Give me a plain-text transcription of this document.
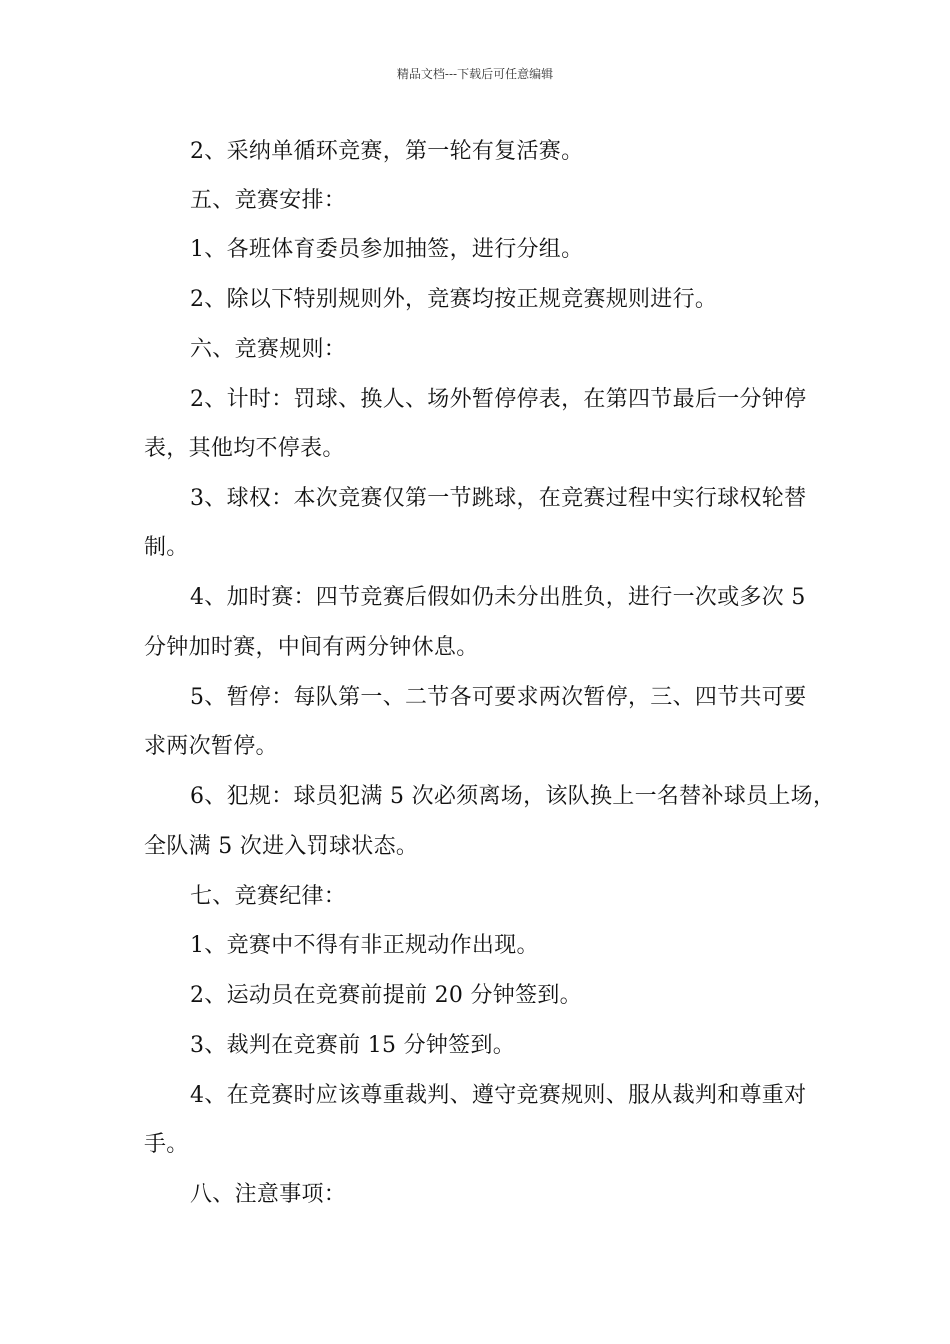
精品文档---下载后可任意编辑
2、采纳单循环竞赛，第一轮有复活赛。
五、竞赛安排：
1、各班体育委员参加抽签，进行分组。
2、除以下特别规则外，竞赛均按正规竞赛规则进行。
六、竞赛规则：
2、计时：罚球、换人、场外暂停停表，在第四节最后一分钟停
表，其他均不停表。
3、球权：本次竞赛仅第一节跳球，在竞赛过程中实行球权轮替
制。
4、加时赛：四节竞赛后假如仍未分出胜负，进行一次或多次 5
分钟加时赛，中间有两分钟休息。
5、暂停：每队第一、二节各可要求两次暂停，三、四节共可要
求两次暂停。
6、犯规：球员犯满 5 次必须离场，该队换上一名替补球员上场，
全队满 5 次进入罚球状态。
七、竞赛纪律：
1、竞赛中不得有非正规动作出现。
2、运动员在竞赛前提前 20 分钟签到。
3、裁判在竞赛前 15 分钟签到。
4、在竞赛时应该尊重裁判、遵守竞赛规则、服从裁判和尊重对
手。
八、注意事项：
